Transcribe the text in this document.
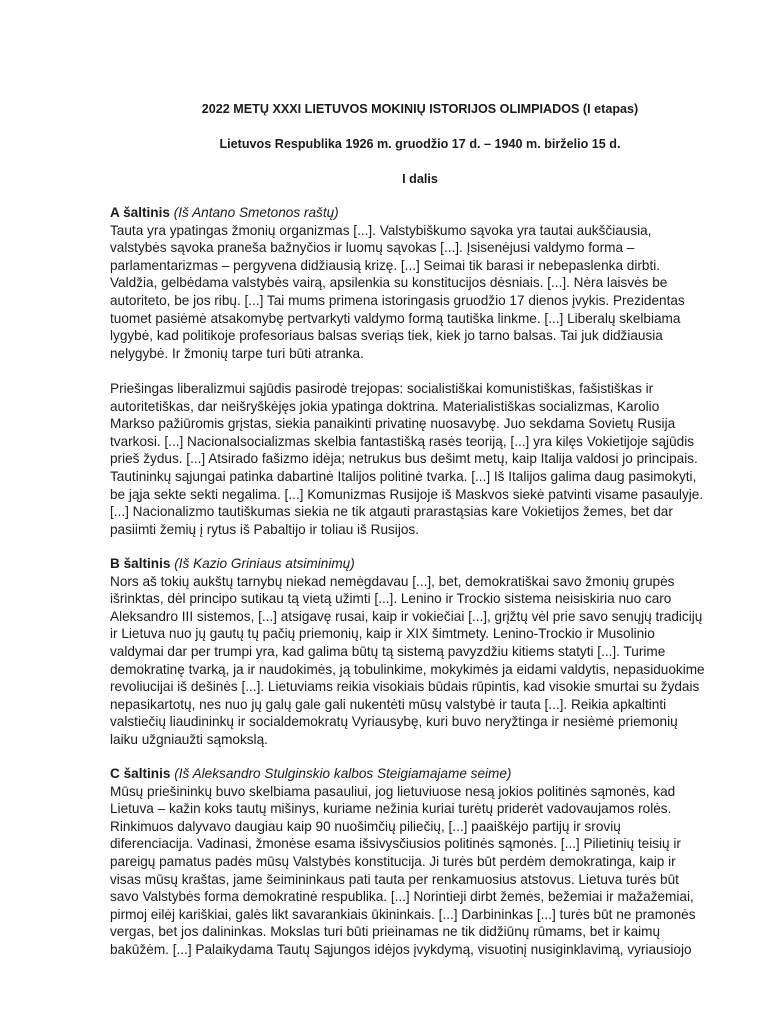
2022 METŲ XXXI LIETUVOS MOKINIŲ ISTORIJOS OLIMPIADOS (I etapas)
Lietuvos Respublika 1926 m. gruodžio 17 d. – 1940 m. birželio 15 d.
I dalis
A šaltinis (Iš Antano Smetonos raštų)
Tauta yra ypatingas žmonių organizmas [...]. Valstybiškumo sąvoka yra tautai aukščiausia,
valstybės sąvoka praneša bažnyčios ir luomų sąvokas [...]. Įsisenėjusi valdymo forma –
parlamentarizmas – pergyvena didžiausią krizę. [...] Seimai tik barasi ir nebepaslenka dirbti.
Valdžia, gelbėdama valstybės vairą, apsilenkia su konstitucijos dėsniais. [...]. Nėra laisvės be
autoriteto, be jos ribų. [...] Tai mums primena istoringasis gruodžio 17 dienos įvykis. Prezidentas
tuomet pasiėmė atsakomybę pertvarkyti valdymo formą tautiška linkme. [...] Liberalų skelbiama
lygybė, kad politikoje profesoriaus balsas sveriąs tiek, kiek jo tarno balsas. Tai juk didžiausia
nelygybė. Ir žmonių tarpe turi būti atranka.
Priešingas liberalizmui sąjūdis pasirodė trejopas: socialistiškai komunistiškas, fašistiškas ir
autoritetiškas, dar neišryškėjęs jokia ypatinga doktrina. Materialistiškas socializmas, Karolio
Markso pažiūromis grįstas, siekia panaikinti privatinę nuosavybę. Juo sekdama Sovietų Rusija
tvarkosi. [...] Nacionalsocializmas skelbia fantastišką rasės teoriją, [...] yra kilęs Vokietijoje sąjūdis
prieš žydus. [...] Atsirado fašizmo idėja; netrukus bus dešimt metų, kaip Italija valdosi jo principais.
Tautininkų sąjungai patinka dabartinė Italijos politinė tvarka. [...] Iš Italijos galima daug pasimokyti,
be jąja sekte sekti negalima. [...] Komunizmas Rusijoje iš Maskvos siekė patvinti visame pasaulyje.
[...] Nacionalizmo tautiškumas siekia ne tik atgauti prarastąsias kare Vokietijos žemes, bet dar
pasiimti žemių į rytus iš Pabaltijo ir toliau iš Rusijos.
B šaltinis (Iš Kazio Griniaus atsiminimų)
Nors aš tokių aukštų tarnybų niekad nemėgdavau [...], bet, demokratiškai savo žmonių grupės
išrinktas, dėl principo sutikau tą vietą užimti [...]. Lenino ir Trockio sistema neisiskiria nuo caro
Aleksandro III sistemos, [...] atsigavę rusai, kaip ir vokiečiai [...], grįžtų vėl prie savo senųjų tradicijų
ir Lietuva nuo jų gautų tų pačių priemonių, kaip ir XIX šimtmety. Lenino-Trockio ir Musolinio
valdymai dar per trumpi yra, kad galima būtų tą sistemą pavyzdžiu kitiems statyti [...]. Turime
demokratinę tvarką, ja ir naudokimės, ją tobulinkime, mokykimės ja eidami valdytis, nepasiduokime
revoliucijai iš dešinės [...]. Lietuviams reikia visokiais būdais rūpintis, kad visokie smurtai su žydais
nepasikartotų, nes nuo jų galų gale gali nukentėti mūsų valstybė ir tauta [...]. Reikia apkaltinti
valstiečių liaudininkų ir socialdemokratų Vyriausybę, kuri buvo neryžtinga ir nesiėmė priemonių
laiku užgniaužti sąmokslą.
C šaltinis (Iš Aleksandro Stulginskio kalbos Steigiamajame seime)
Mūsų priešininkų buvo skelbiama pasauliui, jog lietuviuose nesą jokios politinės sąmonės, kad
Lietuva – kažin koks tautų mišinys, kuriame nežinia kuriai turėtų priderėt vadovaujamos rolės.
Rinkimuos dalyvavo daugiau kaip 90 nuošimčių piliečių, [...] paaiškėjo partijų ir srovių
diferenciacija. Vadinasi, žmonėse esama išsivysčiusios politinės sąmonės. [...] Pilietinių teisių ir
pareigų pamatus padės mūsų Valstybės konstitucija. Ji turės būt perdėm demokratinga, kaip ir
visas mūsų kraštas, jame šeimininkaus pati tauta per renkamuosius atstovus. Lietuva turės būt
savo Valstybės forma demokratinė respublika. [...] Norintieji dirbt žemės, bežemiai ir mažažemiai,
pirmoj eilėj kariškiai, galės likt savarankiais ūkininkais. [...] Darbininkas [...] turės būt ne pramonės
vergas, bet jos dalininkas. Mokslas turi būti prieinamas ne tik didžiūnų rūmams, bet ir kaimų
bakūžėm. [...] Palaikydama Tautų Sąjungos idėjos įvykdymą, visuotinį nusiginklavimą, vyriausiojo
